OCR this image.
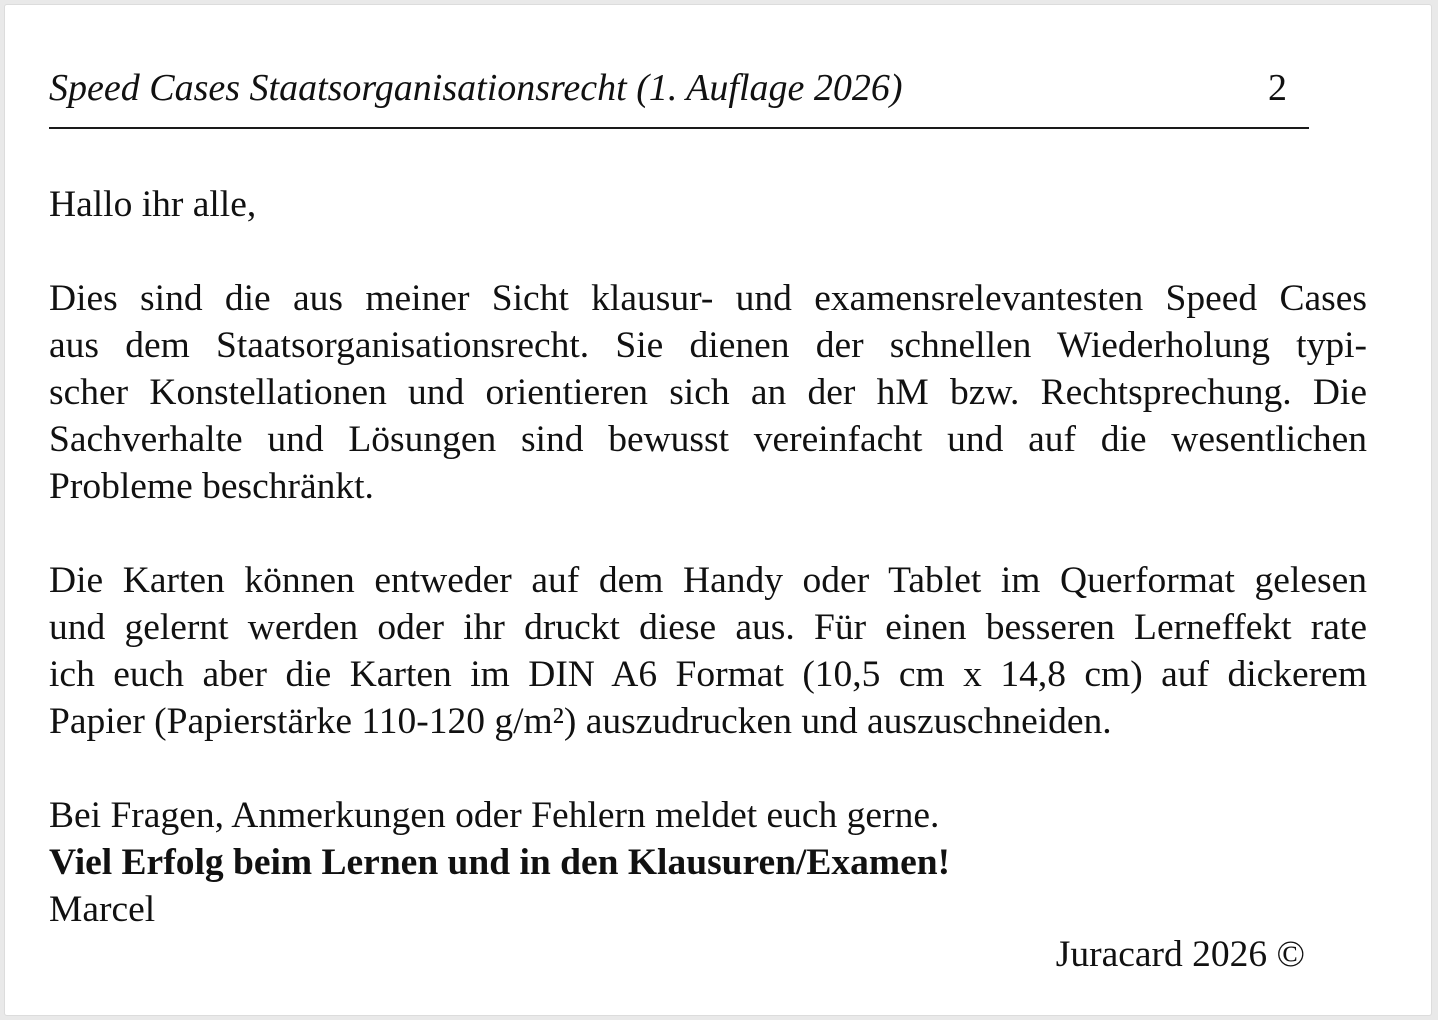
Speed Cases Staatsorganisationsrecht (1. Auflage 2026)	2
Hallo ihr alle,
Dies sind die aus meiner Sicht klausur- und examensrelevantesten Speed Cases
aus dem Staatsorganisationsrecht. Sie dienen der schnellen Wiederholung typi-
scher Konstellationen und orientieren sich an der hM bzw. Rechtsprechung. Die
Sachverhalte und Lösungen sind bewusst vereinfacht und auf die wesentlichen
Probleme beschränkt.
Die Karten können entweder auf dem Handy oder Tablet im Querformat gelesen
und gelernt werden oder ihr druckt diese aus. Für einen besseren Lerneffekt rate
ich euch aber die Karten im DIN A6 Format (10,5 cm x 14,8 cm) auf dickerem
Papier (Papierstärke 110-120 g/m²) auszudrucken und auszuschneiden.
Bei Fragen, Anmerkungen oder Fehlern meldet euch gerne.
Viel Erfolg beim Lernen und in den Klausuren/Examen!
Marcel
Juracard 2026 ©
